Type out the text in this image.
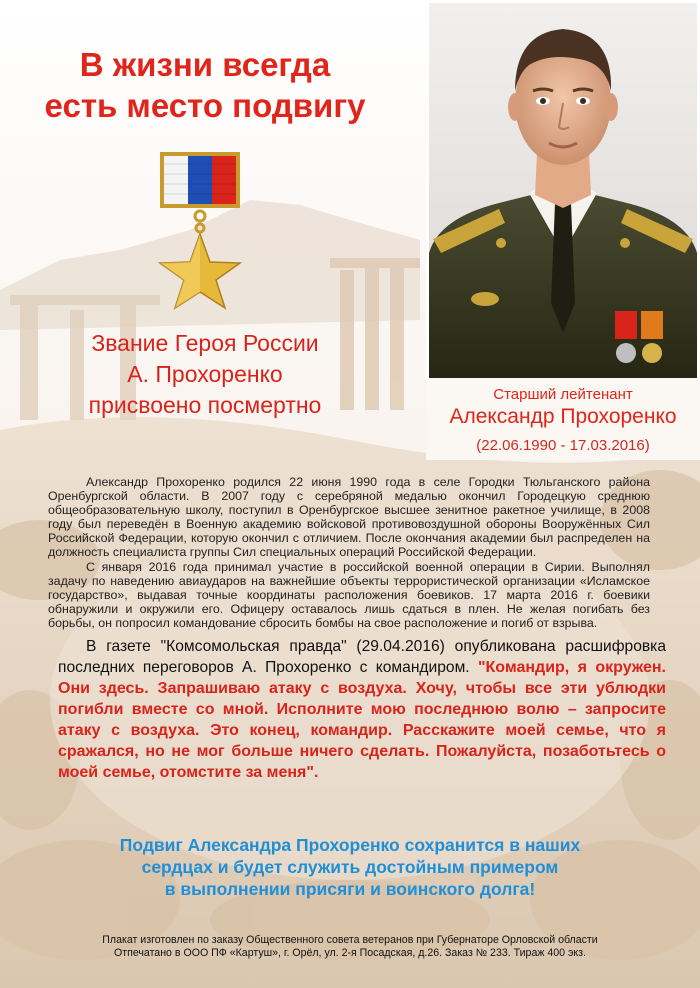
В жизни всегда
есть место подвигу
Звание Героя России
А. Прохоренко
присвоено посмертно	Старший лейтенант
Александр Прохоренко
(22.06.1990 - 17.03.2016)

Александр Прохоренко родился 22 июня 1990 года в селе Городки Тюльганского района Оренбургской области. В 2007 году с серебряной медалью окончил Городецкую среднюю общеобразовательную школу, поступил в Оренбургское высшее зенитное ракетное училище, в 2008 году был переведён в Военную академию войсковой противовоздушной обороны Вооружённых Сил Российской Федерации, которую окончил с отличием. После окончания академии был распределен на должность специалиста группы Сил специальных операций Российской Федерации.

С января 2016 года принимал участие в российской военной операции в Сирии. Выполнял задачу по наведению авиаударов на важнейшие объекты террористической организации «Исламское государство», выдавая точные координаты расположения боевиков. 17 марта 2016 г. боевики обнаружили и окружили его. Офицеру оставалось лишь сдаться в плен. Не желая погибать без борьбы, он попросил командование сбросить бомбы на свое расположение и погиб от взрыва.

В газете "Комсомольская правда" (29.04.2016) опубликована расшифровка последних переговоров А. Прохоренко с командиром. "Командир, я окружен. Они здесь. Запрашиваю атаку с воздуха. Хочу, чтобы все эти ублюдки погибли вместе со мной. Исполните мою последнюю волю – запросите атаку с воздуха. Это конец, командир. Расскажите моей семье, что я сражался, но не мог больше ничего сделать. Пожалуйста, позаботьтесь о моей семье, отомстите за меня".

Подвиг Александра Прохоренко сохранится в наших
сердцах и будет служить достойным примером
в выполнении присяги и воинского долга!
Плакат изготовлен по заказу Общественного совета ветеранов при Губернаторе Орловской области
Отпечатано в ООО ПФ «Картуш», г. Орёл, ул. 2-я Посадская, д.26. Заказ № 233. Тираж 400 экз.
